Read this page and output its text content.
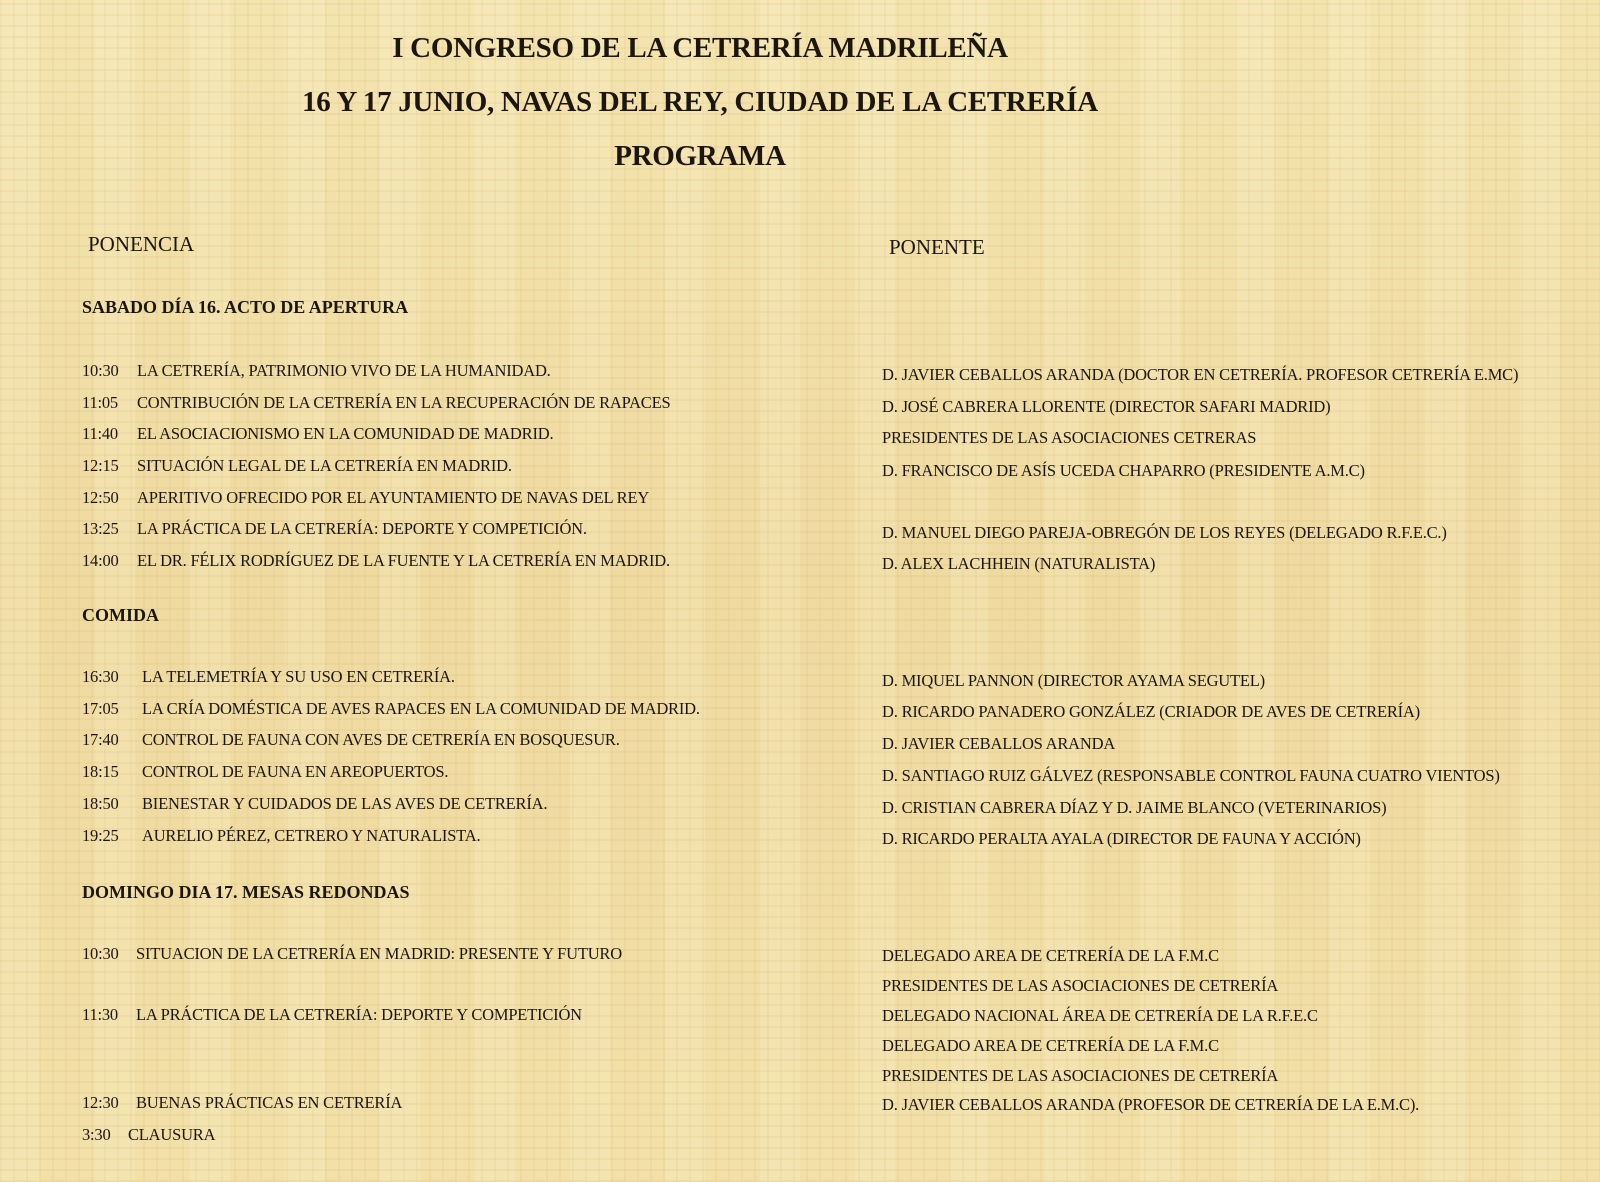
I CONGRESO DE LA CETRERÍA MADRILEÑA
16 Y 17 JUNIO, NAVAS DEL REY, CIUDAD DE LA CETRERÍA
PROGRAMA
PONENCIA	PONENTE
SABADO DÍA 16. ACTO DE APERTURA
10:30 LA CETRERÍA, PATRIMONIO VIVO DE LA HUMANIDAD.
11:05 CONTRIBUCIÓN DE LA CETRERÍA EN LA RECUPERACIÓN DE RAPACES
11:40 EL ASOCIACIONISMO EN LA COMUNIDAD DE MADRID.
12:15 SITUACIÓN LEGAL DE LA CETRERÍA EN MADRID.
12:50 APERITIVO OFRECIDO POR EL AYUNTAMIENTO DE NAVAS DEL REY
13:25 LA PRÁCTICA DE LA CETRERÍA: DEPORTE Y COMPETICIÓN.
14:00 EL DR. FÉLIX RODRÍGUEZ DE LA FUENTE Y LA CETRERÍA EN MADRID.
D. JAVIER CEBALLOS ARANDA (DOCTOR EN CETRERÍA. PROFESOR CETRERÍA E.MC)
D. JOSÉ CABRERA LLORENTE (DIRECTOR SAFARI MADRID)
PRESIDENTES DE LAS ASOCIACIONES CETRERAS
D. FRANCISCO DE ASÍS UCEDA CHAPARRO (PRESIDENTE A.M.C)
D. MANUEL DIEGO PAREJA-OBREGÓN DE LOS REYES (DELEGADO R.F.E.C.)
D. ALEX LACHHEIN (NATURALISTA)
COMIDA
16:30 LA TELEMETRÍA Y SU USO EN CETRERÍA.
17:05 LA CRÍA DOMÉSTICA DE AVES RAPACES EN LA COMUNIDAD DE MADRID.
17:40 CONTROL DE FAUNA CON AVES DE CETRERÍA EN BOSQUESUR.
18:15 CONTROL DE FAUNA EN AREOPUERTOS.
18:50 BIENESTAR Y CUIDADOS DE LAS AVES DE CETRERÍA.
19:25 AURELIO PÉREZ, CETRERO Y NATURALISTA.
D. MIQUEL PANNON (DIRECTOR AYAMA SEGUTEL)
D. RICARDO PANADERO GONZÁLEZ (CRIADOR DE AVES DE CETRERÍA)
D. JAVIER CEBALLOS ARANDA
D. SANTIAGO RUIZ GÁLVEZ (RESPONSABLE CONTROL FAUNA CUATRO VIENTOS)
D. CRISTIAN CABRERA DÍAZ Y D. JAIME BLANCO (VETERINARIOS)
D. RICARDO PERALTA AYALA (DIRECTOR DE FAUNA Y ACCIÓN)
DOMINGO DIA 17. MESAS REDONDAS
10:30 SITUACION DE LA CETRERÍA EN MADRID: PRESENTE Y FUTURO
11:30 LA PRÁCTICA DE LA CETRERÍA: DEPORTE Y COMPETICIÓN
12:30 BUENAS PRÁCTICAS EN CETRERÍA
3:30 CLAUSURA
DELEGADO AREA DE CETRERÍA DE LA F.M.C
PRESIDENTES DE LAS ASOCIACIONES DE CETRERÍA
DELEGADO NACIONAL ÁREA DE CETRERÍA DE LA R.F.E.C
DELEGADO AREA DE CETRERÍA DE LA F.M.C
PRESIDENTES DE LAS ASOCIACIONES DE CETRERÍA
D. JAVIER CEBALLOS ARANDA (PROFESOR DE CETRERÍA DE LA E.M.C).
